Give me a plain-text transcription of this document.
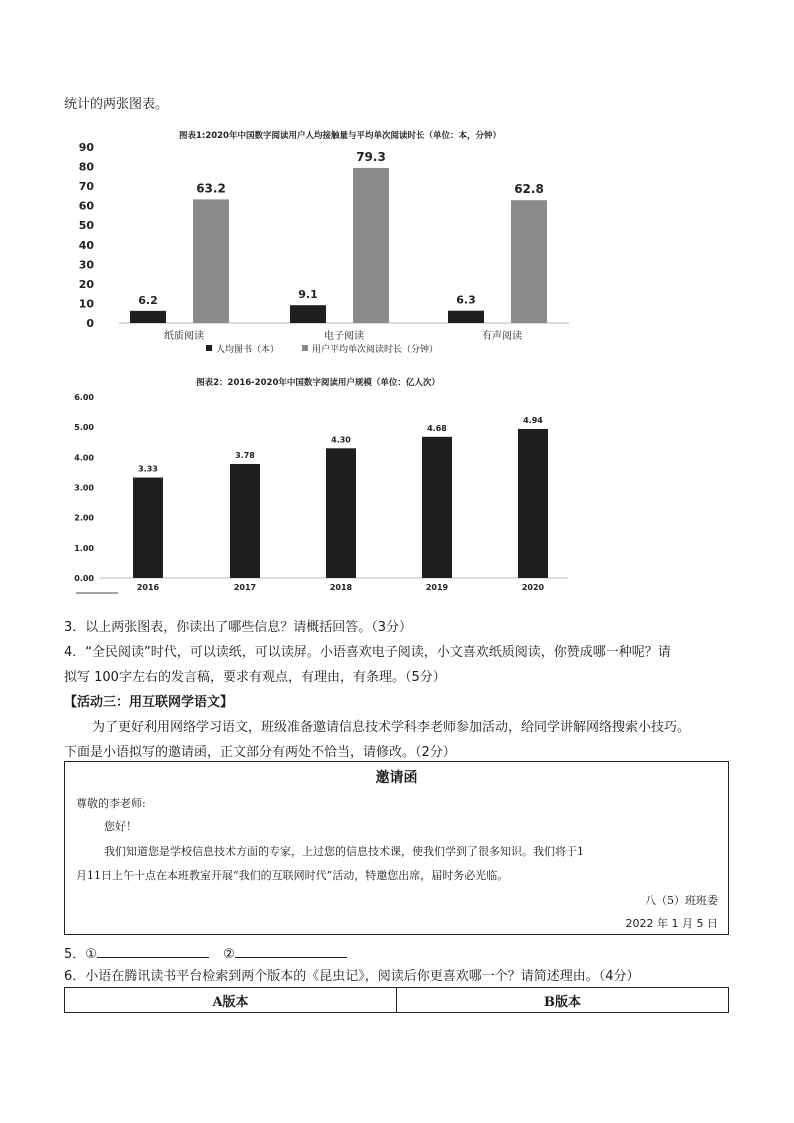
统计的两张图表。
图表1:2020年中国数字阅读用户人均接触量与平均单次阅读时长（单位：本，分钟）
0
10
20
30
40
50
60
70
80
90
6.2
63.2
9.1
79.3
6.3
62.8
纸质阅读	电子阅读	有声阅读
人均图书（本）	用户平均单次阅读时长（分钟）
图表2：2016-2020年中国数字阅读用户规模（单位：亿人次）
0.00
1.00
2.00
3.00
4.00
5.00
6.00
3.33
3.78
4.30
4.68
4.94
2016	2017	2018	2019	2020
3．以上两张图表，你读出了哪些信息？请概括回答。（3分）
4．“全民阅读”时代，可以读纸，可以读屏。小语喜欢电子阅读，小文喜欢纸质阅读，你赞成哪一种呢？请
拟写 100字左右的发言稿，要求有观点，有理由，有条理。（5分）
【活动三：用互联网学语文】
为了更好利用网络学习语文，班级准备邀请信息技术学科李老师参加活动，给同学讲解网络搜索小技巧。
下面是小语拟写的邀请函，正文部分有两处不恰当，请修改。（2分）
邀请函
尊敬的李老师:
您好！
我们知道您是学校信息技术方面的专家，上过您的信息技术课，使我们学到了很多知识。我们将于1
月11日上午十点在本班教室开展“我们的互联网时代”活动，特邀您出席，届时务必光临。
八（5）班班委
2022 年 1 月 5 日
5．①	②
6．小语在腾讯读书平台检索到两个版本的《昆虫记》，阅读后你更喜欢哪一个？请简述理由。（4分）
A版本	B版本
